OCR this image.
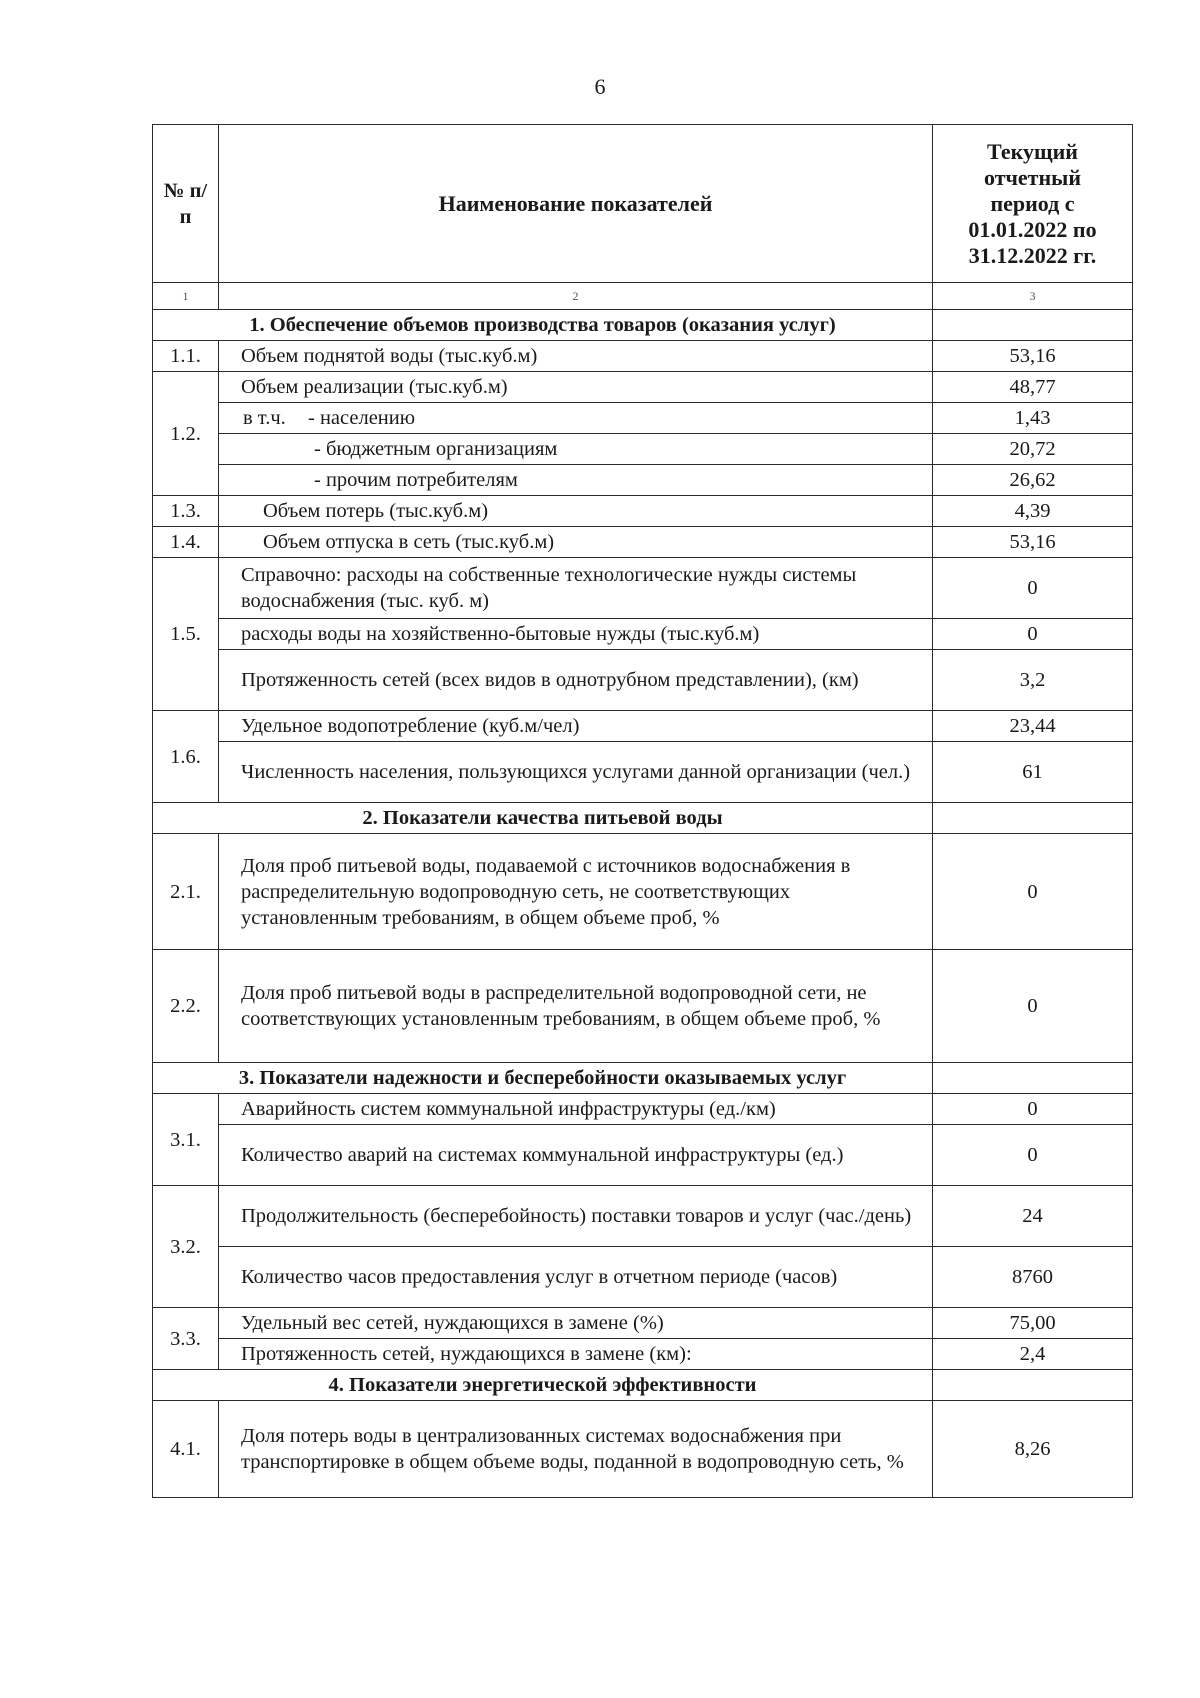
6
№ п/п	Наименование показателей	Текущий
отчетный
период с
01.01.2022 по
31.12.2022 гг.

1	2	3
1. Обеспечение объемов производства товаров (оказания услуг)		
1.1.	Объем поднятой воды (тыс.куб.м)	53,16
1.2.	Объем реализации (тыс.куб.м)	48,77
	в т.ч. - населению	1,43
	- бюджетным организациям	20,72
	- прочим потребителям	26,62
1.3.	Объем потерь (тыс.куб.м)	4,39
1.4.	Объем отпуска в сеть (тыс.куб.м)	53,16
1.5.	Справочно: расходы на собственные технологические нужды системы водоснабжения (тыс. куб. м)	0
	расходы воды на хозяйственно-бытовые нужды (тыс.куб.м)	0
	Протяженность сетей (всех видов в однотрубном представлении), (км)	3,2
1.6.	Удельное водопотребление (куб.м/чел)	23,44
	Численность населения, пользующихся услугами данной организации (чел.)	61
2. Показатели качества питьевой воды		
2.1.	Доля проб питьевой воды, подаваемой с источников водоснабжения в распределительную водопроводную сеть, не соответствующих установленным требованиям, в общем объеме проб, %	0
2.2.	Доля проб питьевой воды в распределительной водопроводной сети, не соответствующих установленным требованиям, в общем объеме проб, %	0
3. Показатели надежности и бесперебойности оказываемых услуг		
3.1.	Аварийность систем коммунальной инфраструктуры (ед./км)	0
	Количество аварий на системах коммунальной инфраструктуры (ед.)	0
3.2.	Продолжительность (бесперебойность) поставки товаров и услуг (час./день)	24
	Количество часов предоставления услуг в отчетном периоде (часов)	8760
3.3.	Удельный вес сетей, нуждающихся в замене (%)	75,00
	Протяженность сетей, нуждающихся в замене (км):	2,4
4. Показатели энергетической эффективности		
4.1.	Доля потерь воды в централизованных системах водоснабжения при транспортировке в общем объеме воды, поданной в водопроводную сеть, %	8,26
